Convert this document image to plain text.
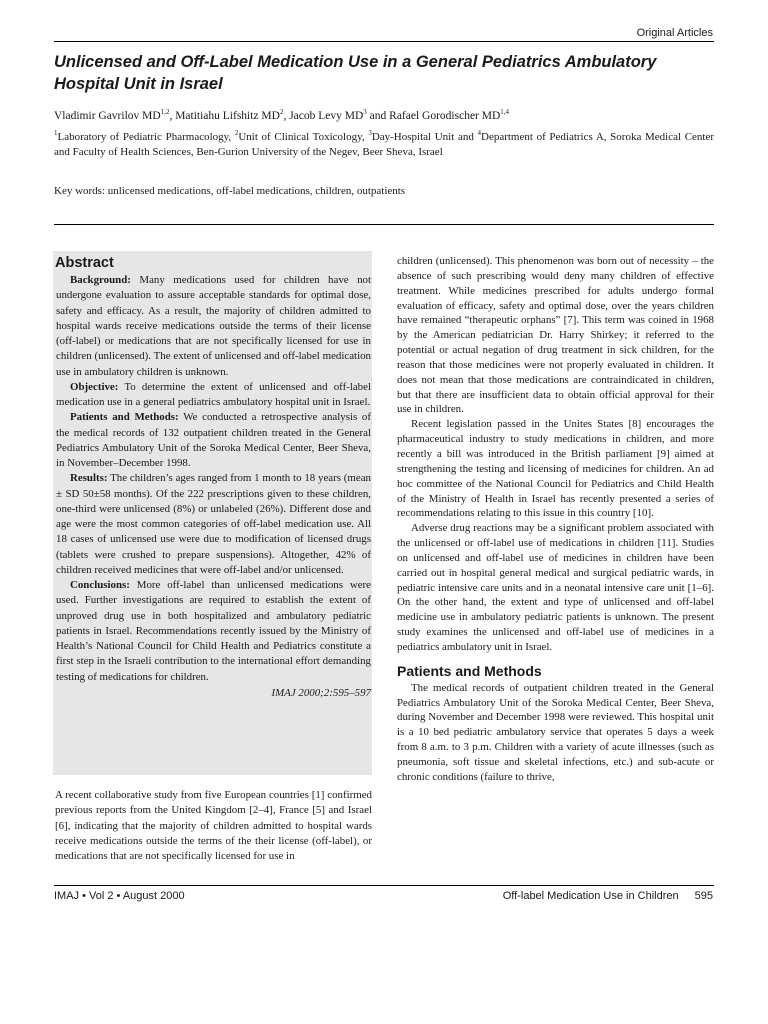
Original Articles
Unlicensed and Off-Label Medication Use in a General Pediatrics Ambulatory Hospital Unit in Israel
Vladimir Gavrilov MD$^{1,2}$, Matitiahu Lifshitz $MD^2$, Jacob Levy $MD^3$ and Rafael Gorodischer MD$^{1,4}$
$^1$Laboratory of Pediatric Pharmacology, $^2$Unit of Clinical Toxicology, $^3$Day-Hospital Unit and $^4$Department of Pediatrics A, Soroka Medical Center and Faculty of Health Sciences, Ben-Gurion University of the Negev, Beer Sheva, Israel
Key words: unlicensed medications, off-label medications, children, outpatients
Abstract

Background: Many medications used for children have not undergone evaluation to assure acceptable standards for optimal dose, safety and efficacy. As a result, the majority of children admitted to hospital wards receive medications outside the terms of their license (off-label) or medications that are not specifically licensed for use in children (unlicensed). The extent of unlicensed and off-label medication use in ambulatory children is unknown.

Objective: To determine the extent of unlicensed and off-label medication use in a general pediatrics ambulatory hospital unit in Israel.

Patients and Methods: We conducted a retrospective analysis of the medical records of 132 outpatient children treated in the General Pediatrics Ambulatory Unit of the Soroka Medical Center, Beer Sheva, in November–December 1998.

Results: The children’s ages ranged from 1 month to 18 years (mean ± SD 50±58 months). Of the 222 prescriptions given to these children, one-third were unlicensed (8%) or unlabeled (26%). Different dose and age were the most common categories of off-label medication use. All 18 cases of unlicensed use were due to modification of licensed drugs (tablets were crushed to prepare suspensions). Altogether, 42% of children received medicines that were off-label and/or unlicensed.

Conclusions: More off-label than unlicensed medications were used. Further investigations are required to establish the extent of unproved drug use in both hospitalized and ambulatory pediatric patients in Israel. Recommendations recently issued by the Ministry of Health’s National Council for Child Health and Pediatrics constitute a first step in the Israeli contribution to the international effort demanding testing of medications for children.

IMAJ 2000;2:595–597

A recent collaborative study from five European countries [1] confirmed previous reports from the United Kingdom [2–4], France [5] and Israel [6], indicating that the majority of children admitted to hospital wards receive medications outside the terms of the their license (off-label), or medications that are not specifically licensed for use in

children (unlicensed). This phenomenon was born out of necessity – the absence of such prescribing would deny many children of effective treatment. While medicines prescribed for adults undergo formal evaluation of efficacy, safety and optimal dose, over the years children have remained “therapeutic orphans” [7]. This term was coined in 1968 by the American pediatrician Dr. Harry Shirkey; it referred to the potential or actual negation of drug treatment in sick children, for the reason that those medicines were not properly evaluated in children. It does not mean that those medications are contraindicated in children, but that there are insufficient data to obtain official approval for their use in children.

Recent legislation passed in the Unites States [8] encourages the pharmaceutical industry to study medications in children, and more recently a bill was introduced in the British parliament [9] aimed at strengthening the testing and licensing of medicines for children. An ad hoc committee of the National Council for Pediatrics and Child Health of the Ministry of Health in Israel has recently presented a series of recommendations relating to this issue in this country [10].

Adverse drug reactions may be a significant problem associated with the unlicensed or off-label use of medications in children [11]. Studies on unlicensed and off-label use of medicines in children have been carried out in hospital general medical and surgical pediatric wards, in pediatric intensive care units and in a neonatal intensive care unit [1–6]. On the other hand, the extent and type of unlicensed and off-label medicine use in ambulatory pediatric patients is unknown. The present study examines the unlicensed and off-label use of medicines in a pediatrics ambulatory unit in Israel.

Patients and Methods

The medical records of outpatient children treated in the General Pediatrics Ambulatory Unit of the Soroka Medical Center, Beer Sheva, during November and December 1998 were reviewed. This hospital unit is a 10 bed pediatric ambulatory service that operates 5 days a week from 8 a.m. to 3 p.m. Children with a variety of acute illnesses (such as pneumonia, soft tissue and skeletal infections, etc.) and sub-acute or chronic conditions (failure to thrive,

IMAJ • Vol 2 • August 2000	Off-label Medication Use in Children 595
